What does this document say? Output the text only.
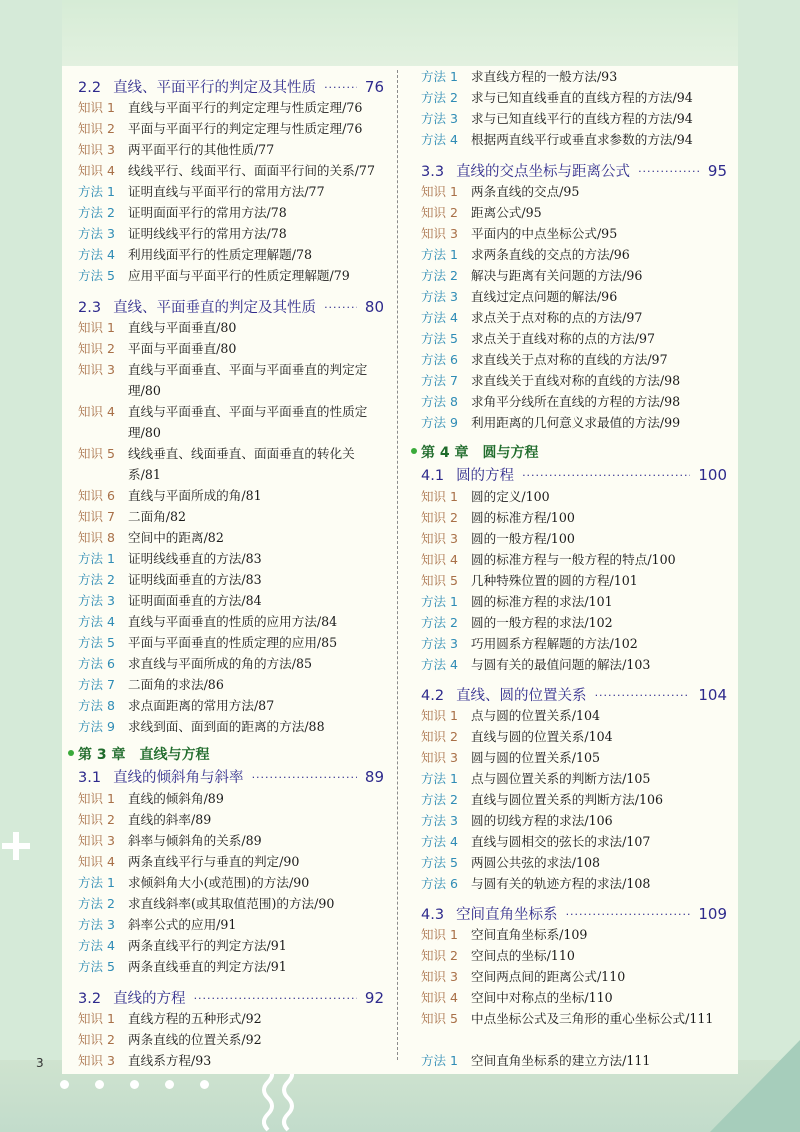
3
2.2 直线、平面平行的判定及其性质 ·····	76
知识 1	直线与平面平行的判定定理与性质定理/76
知识 2	平面与平面平行的判定定理与性质定理/76
知识 3	两平面平行的其他性质/77
知识 4	线线平行、线面平行、面面平行间的关系/77
方法 1	证明直线与平面平行的常用方法/77
方法 2	证明面面平行的常用方法/78
方法 3	证明线线平行的常用方法/78
方法 4	利用线面平行的性质定理解题/78
方法 5	应用平面与平面平行的性质定理解题/79
2.3 直线、平面垂直的判定及其性质 ·····	80
知识 1	直线与平面垂直/80
知识 2	平面与平面垂直/80
知识 3	直线与平面垂直、平面与平面垂直的判定定理/80
知识 4	直线与平面垂直、平面与平面垂直的性质定理/80
知识 5	线线垂直、线面垂直、面面垂直的转化关系/81
知识 6	直线与平面所成的角/81
知识 7	二面角/82
知识 8	空间中的距离/82
方法 1	证明线线垂直的方法/83
方法 2	证明线面垂直的方法/83
方法 3	证明面面垂直的方法/84
方法 4	直线与平面垂直的性质的应用方法/84
方法 5	平面与平面垂直的性质定理的应用/85
方法 6	求直线与平面所成的角的方法/85
方法 7	二面角的求法/86
方法 8	求点面距离的常用方法/87
方法 9	求线到面、面到面的距离的方法/88
第 3 章 直线与方程
3.1 直线的倾斜角与斜率 ·····	89
知识 1	直线的倾斜角/89
知识 2	直线的斜率/89
知识 3	斜率与倾斜角的关系/89
知识 4	两条直线平行与垂直的判定/90
方法 1	求倾斜角大小(或范围)的方法/90
方法 2	求直线斜率(或其取值范围)的方法/90
方法 3	斜率公式的应用/91
方法 4	两条直线平行的判定方法/91
方法 5	两条直线垂直的判定方法/91
3.2 直线的方程 ·····	92
知识 1	直线方程的五种形式/92
知识 2	两条直线的位置关系/92
知识 3	直线系方程/93
方法 1	求直线方程的一般方法/93
方法 2	求与已知直线垂直的直线方程的方法/94
方法 3	求与已知直线平行的直线方程的方法/94
方法 4	根据两直线平行或垂直求参数的方法/94
3.3 直线的交点坐标与距离公式 ·····	95
知识 1	两条直线的交点/95
知识 2	距离公式/95
知识 3	平面内的中点坐标公式/95
方法 1	求两条直线的交点的方法/96
方法 2	解决与距离有关问题的方法/96
方法 3	直线过定点问题的解法/96
方法 4	求点关于点对称的点的方法/97
方法 5	求点关于直线对称的点的方法/97
方法 6	求直线关于点对称的直线的方法/97
方法 7	求直线关于直线对称的直线的方法/98
方法 8	求角平分线所在直线的方程的方法/98
方法 9	利用距离的几何意义求最值的方法/99
第 4 章 圆与方程
4.1 圆的方程 ·····	100
知识 1	圆的定义/100
知识 2	圆的标准方程/100
知识 3	圆的一般方程/100
知识 4	圆的标准方程与一般方程的特点/100
知识 5	几种特殊位置的圆的方程/101
方法 1	圆的标准方程的求法/101
方法 2	圆的一般方程的求法/102
方法 3	巧用圆系方程解题的方法/102
方法 4	与圆有关的最值问题的解法/103
4.2 直线、圆的位置关系 ·····	104
知识 1	点与圆的位置关系/104
知识 2	直线与圆的位置关系/104
知识 3	圆与圆的位置关系/105
方法 1	点与圆位置关系的判断方法/105
方法 2	直线与圆位置关系的判断方法/106
方法 3	圆的切线方程的求法/106
方法 4	直线与圆相交的弦长的求法/107
方法 5	两圆公共弦的求法/108
方法 6	与圆有关的轨迹方程的求法/108
4.3 空间直角坐标系 ·····	109
知识 1	空间直角坐标系/109
知识 2	空间点的坐标/110
知识 3	空间两点间的距离公式/110
知识 4	空间中对称点的坐标/110
知识 5	中点坐标公式及三角形的重心坐标公式/111
方法 1	空间直角坐标系的建立方法/111
